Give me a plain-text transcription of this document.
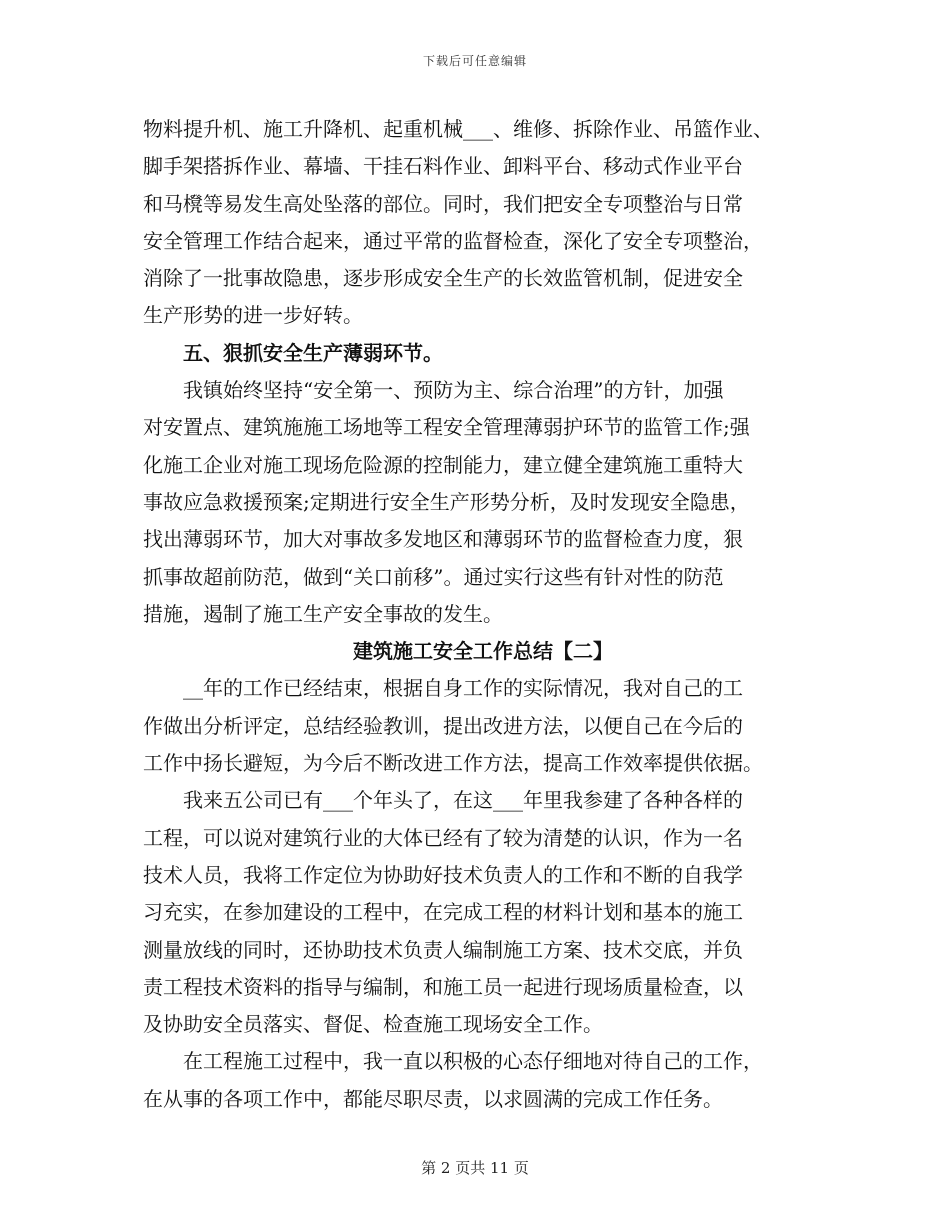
下载后可任意编辑
物料提升机、施工升降机、起重机械___、维修、拆除作业、吊篮作业、
脚手架搭拆作业、幕墙、干挂石料作业、卸料平台、移动式作业平台
和马櫈等易发生高处坠落的部位。同时，我们把安全专项整治与日常
安全管理工作结合起来，通过平常的监督检查，深化了安全专项整治，
消除了一批事故隐患，逐步形成安全生产的长效监管机制，促进安全
生产形势的进一步好转。
五、狠抓安全生产薄弱环节。
我镇始终坚持“安全第一、预防为主、综合治理”的方针，加强
对安置点、建筑施施工场地等工程安全管理薄弱护环节的监管工作;强
化施工企业对施工现场危险源的控制能力，建立健全建筑施工重特大
事故应急救援预案;定期进行安全生产形势分析，及时发现安全隐患，
找出薄弱环节，加大对事故多发地区和薄弱环节的监督检查力度，狠
抓事故超前防范，做到“关口前移”。通过实行这些有针对性的防范
措施，遏制了施工生产安全事故的发生。
建筑施工安全工作总结【二】
__年的工作已经结束，根据自身工作的实际情况，我对自己的工
作做出分析评定，总结经验教训，提出改进方法，以便自己在今后的
工作中扬长避短，为今后不断改进工作方法，提高工作效率提供依据。
我来五公司已有___个年头了，在这___年里我参建了各种各样的
工程，可以说对建筑行业的大体已经有了较为清楚的认识，作为一名
技术人员，我将工作定位为协助好技术负责人的工作和不断的自我学
习充实，在参加建设的工程中，在完成工程的材料计划和基本的施工
测量放线的同时，还协助技术负责人编制施工方案、技术交底，并负
责工程技术资料的指导与编制，和施工员一起进行现场质量检查，以
及协助安全员落实、督促、检查施工现场安全工作。
在工程施工过程中，我一直以积极的心态仔细地对待自己的工作，
在从事的各项工作中，都能尽职尽责，以求圆满的完成工作任务。
第 2 页共 11 页
